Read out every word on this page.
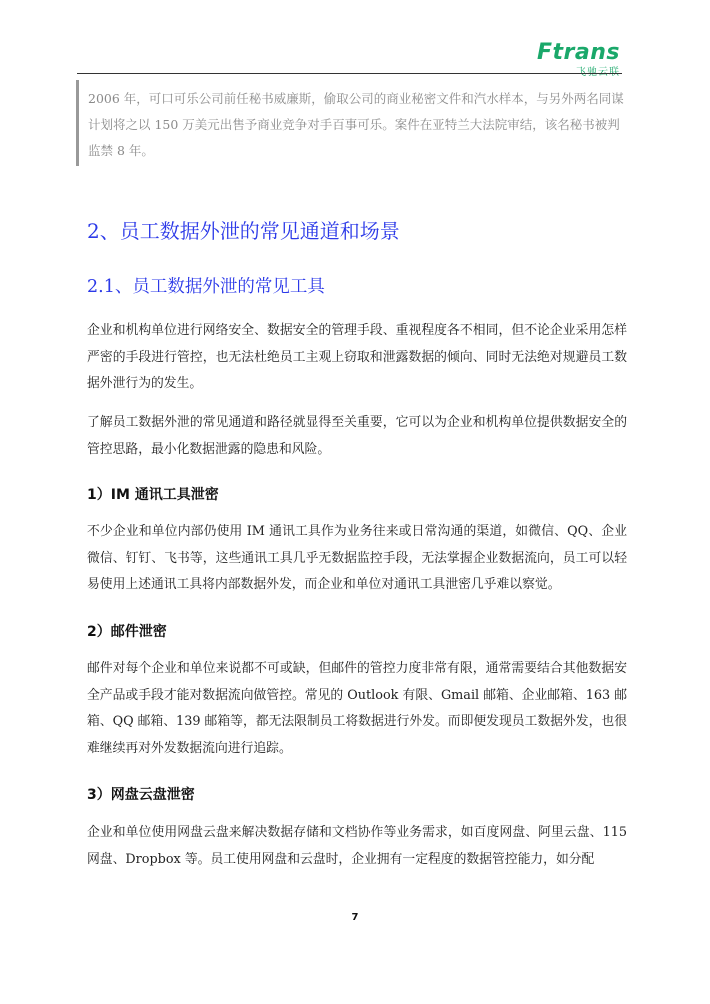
Ftrans

2006 年，可口可乐公司前任秘书威廉斯，偷取公司的商业秘密文件和汽水样本，与另外两名同谋计划将之以 150 万美元出售予商业竞争对手百事可乐。案件在亚特兰大法院审结，该名秘书被判监禁 8 年。

2、员工数据外泄的常见通道和场景
2.1、员工数据外泄的常见工具

企业和机构单位进行网络安全、数据安全的管理手段、重视程度各不相同，但不论企业采用怎样严密的手段进行管控，也无法杜绝员工主观上窃取和泄露数据的倾向、同时无法绝对规避员工数据外泄行为的发生。

了解员工数据外泄的常见通道和路径就显得至关重要，它可以为企业和机构单位提供数据安全的管控思路，最小化数据泄露的隐患和风险。

1）IM 通讯工具泄密

不少企业和单位内部仍使用 IM 通讯工具作为业务往来或日常沟通的渠道，如微信、QQ、企业微信、钉钉、飞书等，这些通讯工具几乎无数据监控手段，无法掌握企业数据流向，员工可以轻易使用上述通讯工具将内部数据外发，而企业和单位对通讯工具泄密几乎难以察觉。

2）邮件泄密

邮件对每个企业和单位来说都不可或缺，但邮件的管控力度非常有限，通常需要结合其他数据安全产品或手段才能对数据流向做管控。常见的 Outlook 有限、Gmail 邮箱、企业邮箱、163 邮箱、QQ 邮箱、139 邮箱等，都无法限制员工将数据进行外发。而即便发现员工数据外发，也很难继续再对外发数据流向进行追踪。

3）网盘云盘泄密

企业和单位使用网盘云盘来解决数据存储和文档协作等业务需求，如百度网盘、阿里云盘、115 网盘、Dropbox 等。员工使用网盘和云盘时，企业拥有一定程度的数据管控能力，如分配

7
